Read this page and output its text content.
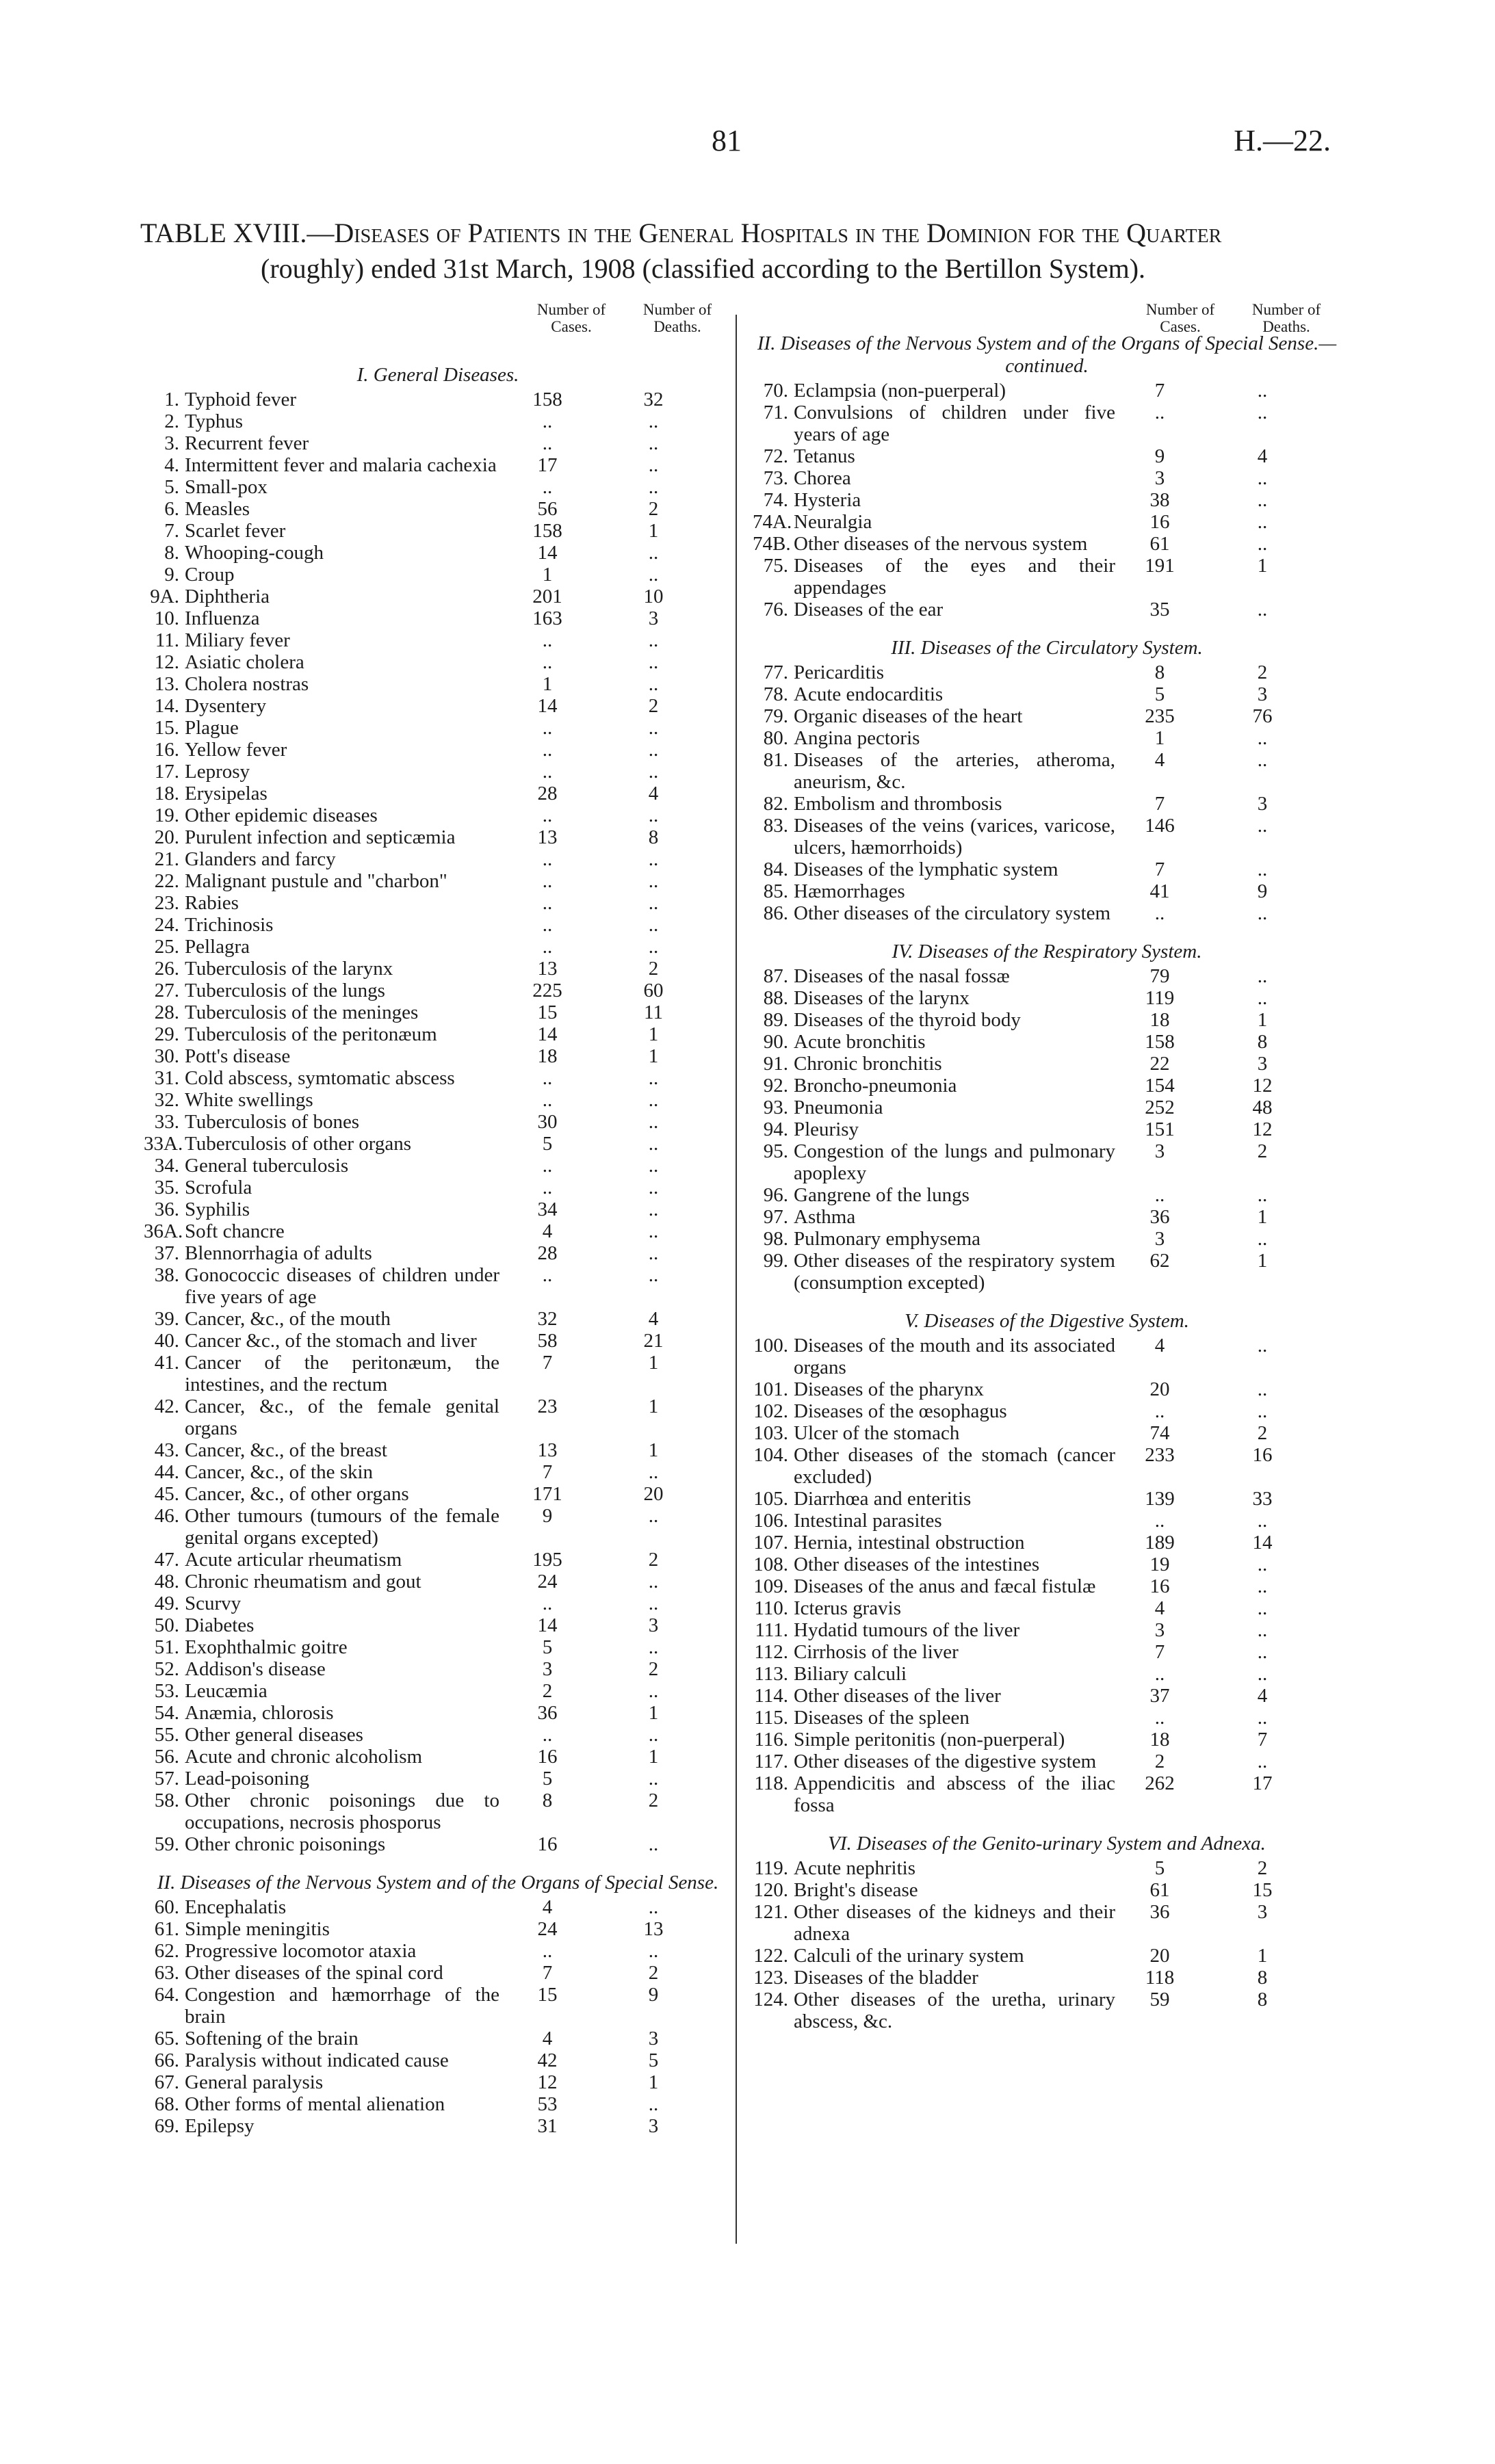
81	H.—22.
TABLE XVIII.—Diseases of Patients in the General Hospitals in the Dominion for the Quarter
(roughly) ended 31st March, 1908 (classified according to the Bertillon System).
Number of Cases.
Number of Deaths.
I. General Diseases.
1. Typhoid fever	158	32
2. Typhus	..	..
3. Recurrent fever	..	..
4. Intermittent fever and malaria cachexia	17	..
5. Small-pox	..	..
6. Measles	56	2
7. Scarlet fever	158	1
8. Whooping-cough	14	..
9. Croup	1	..
9A. Diphtheria	201	10
10. Influenza	163	3
11. Miliary fever	..	..
12. Asiatic cholera	..	..
13. Cholera nostras	1	..
14. Dysentery	14	2
15. Plague	..	..
16. Yellow fever	..	..
17. Leprosy	..	..
18. Erysipelas	28	4
19. Other epidemic diseases	..	..
20. Purulent infection and septicæmia	13	8
21. Glanders and farcy	..	..
22. Malignant pustule and "charbon"	..	..
23. Rabies	..	..
24. Trichinosis	..	..
25. Pellagra	..	..
26. Tuberculosis of the larynx	13	2
27. Tuberculosis of the lungs	225	60
28. Tuberculosis of the meninges	15	11
29. Tuberculosis of the peritonæum	14	1
30. Pott's disease	18	1
31. Cold abscess, symtomatic abscess	..	..
32. White swellings	..	..
33. Tuberculosis of bones	30	..
33A. Tuberculosis of other organs	5	..
34. General tuberculosis	..	..
35. Scrofula	..	..
36. Syphilis	34	..
36A. Soft chancre	4	..
37. Blennorrhagia of adults	28	..
38. Gonococcic diseases of children under five years of age
..	..
39. Cancer, &c., of the mouth	32	4
40. Cancer &c., of the stomach and liver	58	21
41. Cancer of the peritonæum, the intestines, and the rectum
7	1
42. Cancer, &c., of the female genital organs
23	1
43. Cancer, &c., of the breast	13	1
44. Cancer, &c., of the skin	7	..
45. Cancer, &c., of other organs	171	20
46. Other tumours (tumours of the female genital organs excepted)
9	..
47. Acute articular rheumatism	195	2
48. Chronic rheumatism and gout	24	..
49. Scurvy	..	..
50. Diabetes	14	3
51. Exophthalmic goitre	5	..
52. Addison's disease	3	2
53. Leucæmia	2	..
54. Anæmia, chlorosis	36	1
55. Other general diseases	..	..
56. Acute and chronic alcoholism	16	1
57. Lead-poisoning	5	..
58. Other chronic poisonings due to occupations, necrosis phosporus
8	2
59. Other chronic poisonings	16	..
II. Diseases of the Nervous System and of the Organs of Special Sense.
60. Encephalatis	4	..
61. Simple meningitis	24	13
62. Progressive locomotor ataxia	..	..
63. Other diseases of the spinal cord	7	2
64. Congestion and hæmorrhage of the brain
15	9
65. Softening of the brain	4	3
66. Paralysis without indicated cause	42	5
67. General paralysis	12	1
68. Other forms of mental alienation	53	..
69. Epilepsy	31	3
Number of Cases.
Number of Deaths.
II. Diseases of the Nervous System and of the Organs of Special Sense.—continued.
70. Eclampsia (non-puerperal)	7	..
71. Convulsions of children under five years of age
..	..
72. Tetanus	9	4
73. Chorea	3	..
74. Hysteria	38	..
74A. Neuralgia	16	..
74B. Other diseases of the nervous system	61	..
75. Diseases of the eyes and their appendages
191	1
76. Diseases of the ear	35	..
III. Diseases of the Circulatory System.
77. Pericarditis	8	2
78. Acute endocarditis	5	3
79. Organic diseases of the heart	235	76
80. Angina pectoris	1	..
81. Diseases of the arteries, atheroma, aneurism, &c.
4	..
82. Embolism and thrombosis	7	3
83. Diseases of the veins (varices, varicose, ulcers, hæmorrhoids)
146	..
84. Diseases of the lymphatic system	7	..
85. Hæmorrhages	41	9
86. Other diseases of the circulatory system	..	..
IV. Diseases of the Respiratory System.
87. Diseases of the nasal fossæ	79	..
88. Diseases of the larynx	119	..
89. Diseases of the thyroid body	18	1
90. Acute bronchitis	158	8
91. Chronic bronchitis	22	3
92. Broncho-pneumonia	154	12
93. Pneumonia	252	48
94. Pleurisy	151	12
95. Congestion of the lungs and pulmonary apoplexy
3	2
96. Gangrene of the lungs	..	..
97. Asthma	36	1
98. Pulmonary emphysema	3	..
99. Other diseases of the respiratory system (consumption excepted)
62	1
V. Diseases of the Digestive System.
100. Diseases of the mouth and its associated organs
4	..
101. Diseases of the pharynx	20	..
102. Diseases of the œsophagus	..	..
103. Ulcer of the stomach	74	2
104. Other diseases of the stomach (cancer excluded)
233	16
105. Diarrhœa and enteritis	139	33
106. Intestinal parasites	..	..
107. Hernia, intestinal obstruction	189	14
108. Other diseases of the intestines	19	..
109. Diseases of the anus and fæcal fistulæ	16	..
110. Icterus gravis	4	..
111. Hydatid tumours of the liver	3	..
112. Cirrhosis of the liver	7	..
113. Biliary calculi	..	..
114. Other diseases of the liver	37	4
115. Diseases of the spleen	..	..
116. Simple peritonitis (non-puerperal)	18	7
117. Other diseases of the digestive system	2	..
118. Appendicitis and abscess of the iliac fossa
262	17
VI. Diseases of the Genito-urinary System and Adnexa.
119. Acute nephritis	5	2
120. Bright's disease	61	15
121. Other diseases of the kidneys and their adnexa
36	3
122. Calculi of the urinary system	20	1
123. Diseases of the bladder	118	8
124. Other diseases of the uretha, urinary abscess, &c.
59	8
